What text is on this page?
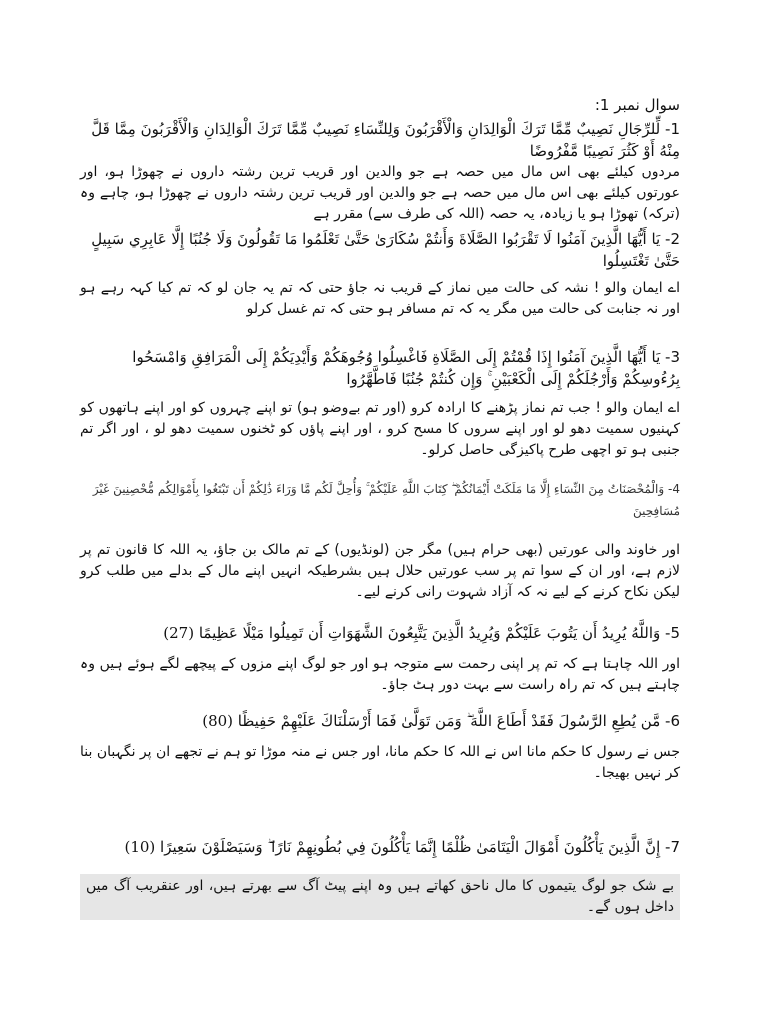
سوال نمبر 1:

1- لِّلرِّجَالِ نَصِيبٌ مِّمَّا تَرَكَ الْوَالِدَانِ وَالْأَقْرَبُونَ وَلِلنِّسَاءِ نَصِيبٌ مِّمَّا تَرَكَ الْوَالِدَانِ وَالْأَقْرَبُونَ مِمَّا قَلَّ مِنْهُ أَوْ كَثُرَ نَصِيبًا مَّفْرُوضًا

مردوں کیلئے بھی اس مال میں حصہ ہے جو والدین اور قریب ترین رشتہ داروں نے چھوڑا ہو، اور عورتوں کیلئے بھی اس مال میں حصہ ہے جو والدین اور قریب ترین رشتہ داروں نے چھوڑا ہو، چاہے وہ (ترکہ) تھوڑا ہو یا زیادہ، یہ حصہ (اللہ کی طرف سے) مقرر ہے

2- يَا أَيُّهَا الَّذِينَ آمَنُوا لَا تَقْرَبُوا الصَّلَاةَ وَأَنتُمْ سُكَارَىٰ حَتَّىٰ تَعْلَمُوا مَا تَقُولُونَ وَلَا جُنُبًا إِلَّا عَابِرِي سَبِيلٍ حَتَّىٰ تَغْتَسِلُوا

اے ایمان والو ! نشہ کی حالت میں نماز کے قریب نہ جاؤ حتی کہ تم یہ جان لو کہ تم کیا کہہ رہے ہو اور نہ جنابت کی حالت میں مگر یہ کہ تم مسافر ہو حتی کہ تم غسل کرلو

3- يَا أَيُّهَا الَّذِينَ آمَنُوا إِذَا قُمْتُمْ إِلَى الصَّلَاةِ فَاغْسِلُوا وُجُوهَكُمْ وَأَيْدِيَكُمْ إِلَى الْمَرَافِقِ وَامْسَحُوا بِرُءُوسِكُمْ وَأَرْجُلَكُمْ إِلَى الْكَعْبَيْنِ ۚ وَإِن كُنتُمْ جُنُبًا فَاطَّهَّرُوا

اے ایمان والو ! جب تم نماز پڑھنے کا ارادہ کرو (اور تم بےوضو ہو) تو اپنے چہروں کو اور اپنے ہاتھوں کو کہنیوں سمیت دھو لو اور اپنے سروں کا مسح کرو ، اور اپنے پاؤں کو ٹخنوں سمیت دھو لو ، اور اگر تم جنبی ہو تو اچھی طرح پاکیزگی حاصل کرلو۔

4- وَالْمُحْصَنَاتُ مِنَ النِّسَاءِ إِلَّا مَا مَلَكَتْ أَيْمَانُكُمْ ۖ كِتَابَ اللَّهِ عَلَيْكُمْ ۚ وَأُحِلَّ لَكُم مَّا وَرَاءَ ذَٰلِكُمْ أَن تَبْتَغُوا بِأَمْوَالِكُم مُّحْصِنِينَ غَيْرَ مُسَافِحِينَ

اور خاوند والی عورتیں (بھی حرام ہیں) مگر جن (لونڈیوں) کے تم مالک بن جاؤ، یہ اللہ کا قانون تم پر لازم ہے، اور ان کے سوا تم پر سب عورتیں حلال ہیں بشرطیکہ انہیں اپنے مال کے بدلے میں طلب کرو لیکن نکاح کرنے کے لیے نہ کہ آزاد شہوت رانی کرنے لیے۔

5- وَاللَّهُ يُرِيدُ أَن يَتُوبَ عَلَيْكُمْ وَيُرِيدُ الَّذِينَ يَتَّبِعُونَ الشَّهَوَاتِ أَن تَمِيلُوا مَيْلًا عَظِيمًا (27)

اور اللہ چاہتا ہے کہ تم پر اپنی رحمت سے متوجہ ہو اور جو لوگ اپنے مزوں کے پیچھے لگے ہوئے ہیں وہ چاہتے ہیں کہ تم راہ راست سے بہت دور ہٹ جاؤ۔

6- مَّن يُطِعِ الرَّسُولَ فَقَدْ أَطَاعَ اللَّهَ ۖ وَمَن تَوَلَّىٰ فَمَا أَرْسَلْنَاكَ عَلَيْهِمْ حَفِيظًا (80)

جس نے رسول کا حکم مانا اس نے اللہ کا حکم مانا، اور جس نے منہ موڑا تو ہم نے تجھے ان پر نگہبان بنا کر نہیں بھیجا۔

7- إِنَّ الَّذِينَ يَأْكُلُونَ أَمْوَالَ الْيَتَامَىٰ ظُلْمًا إِنَّمَا يَأْكُلُونَ فِي بُطُونِهِمْ نَارًا ۖ وَسَيَصْلَوْنَ سَعِيرًا (10)

بے شک جو لوگ یتیموں کا مال ناحق کھاتے ہیں وہ اپنے پیٹ آگ سے بھرتے ہیں، اور عنقریب آگ میں داخل ہوں گے۔
